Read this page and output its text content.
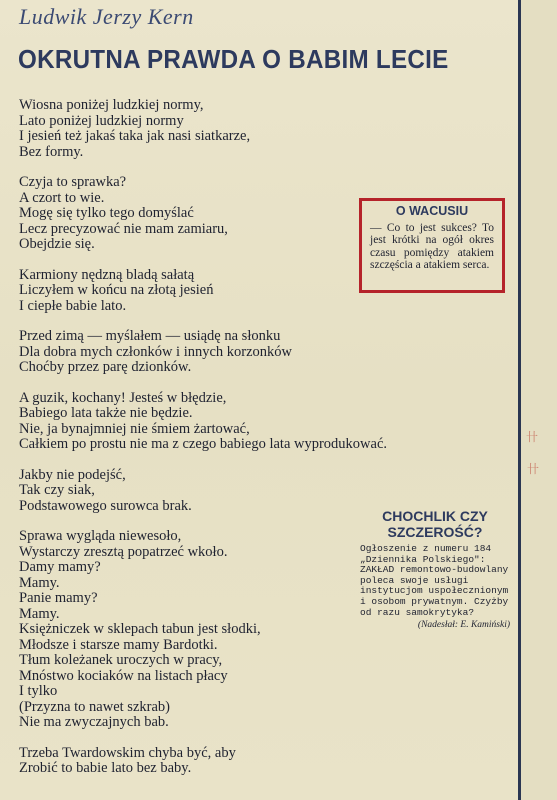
Ludwik Jerzy Kern
OKRUTNA PRAWDA O BABIM LECIE
Wiosna poniżej ludzkiej normy,
Lato poniżej ludzkiej normy
I jesień też jakaś taka jak nasi siatkarze,
Bez formy.
Czyja to sprawka?
A czort to wie.
Mogę się tylko tego domyślać
Lecz precyzować nie mam zamiaru,
Obejdzie się.
Karmiony nędzną bladą sałatą
Liczyłem w końcu na złotą jesień
I ciepłe babie lato.
Przed zimą — myślałem — usiądę na słonku
Dla dobra mych członków i innych korzonków
Choćby przez parę dzionków.
A guzik, kochany! Jesteś w błędzie,
Babiego lata także nie będzie.
Nie, ja bynajmniej nie śmiem żartować,
Całkiem po prostu nie ma z czego babiego lata wyprodukować.
Jakby nie podejść,
Tak czy siak,
Podstawowego surowca brak.
Sprawa wygląda niewesoło,
Wystarczy zresztą popatrzeć wkoło.
Damy mamy?
Mamy.
Panie mamy?
Mamy.
Księżniczek w sklepach tabun jest słodki,
Młodsze i starsze mamy Bardotki.
Tłum koleżanek uroczych w pracy,
Mnóstwo kociaków na listach płacy
I tylko
(Przyzna to nawet szkrab)
Nie ma zwyczajnych bab.
Trzeba Twardowskim chyba być, aby
Zrobić to babie lato bez baby.
O WACUSIU
— Co to jest sukces? To jest krótki na ogół okres czasu pomiędzy atakiem szczęścia a atakiem serca.
CHOCHLIK CZY SZCZEROŚĆ?
Ogłoszenie z numeru 184 „Dziennika Polskiego": ZAKŁAD remontowo-budowlany poleca swoje usługi instytucjom uspołecznionym i osobom prywatnym. Czyżby od razu samokrytyka?
(Nadesłał: E. Kamiński)
卄
卄
